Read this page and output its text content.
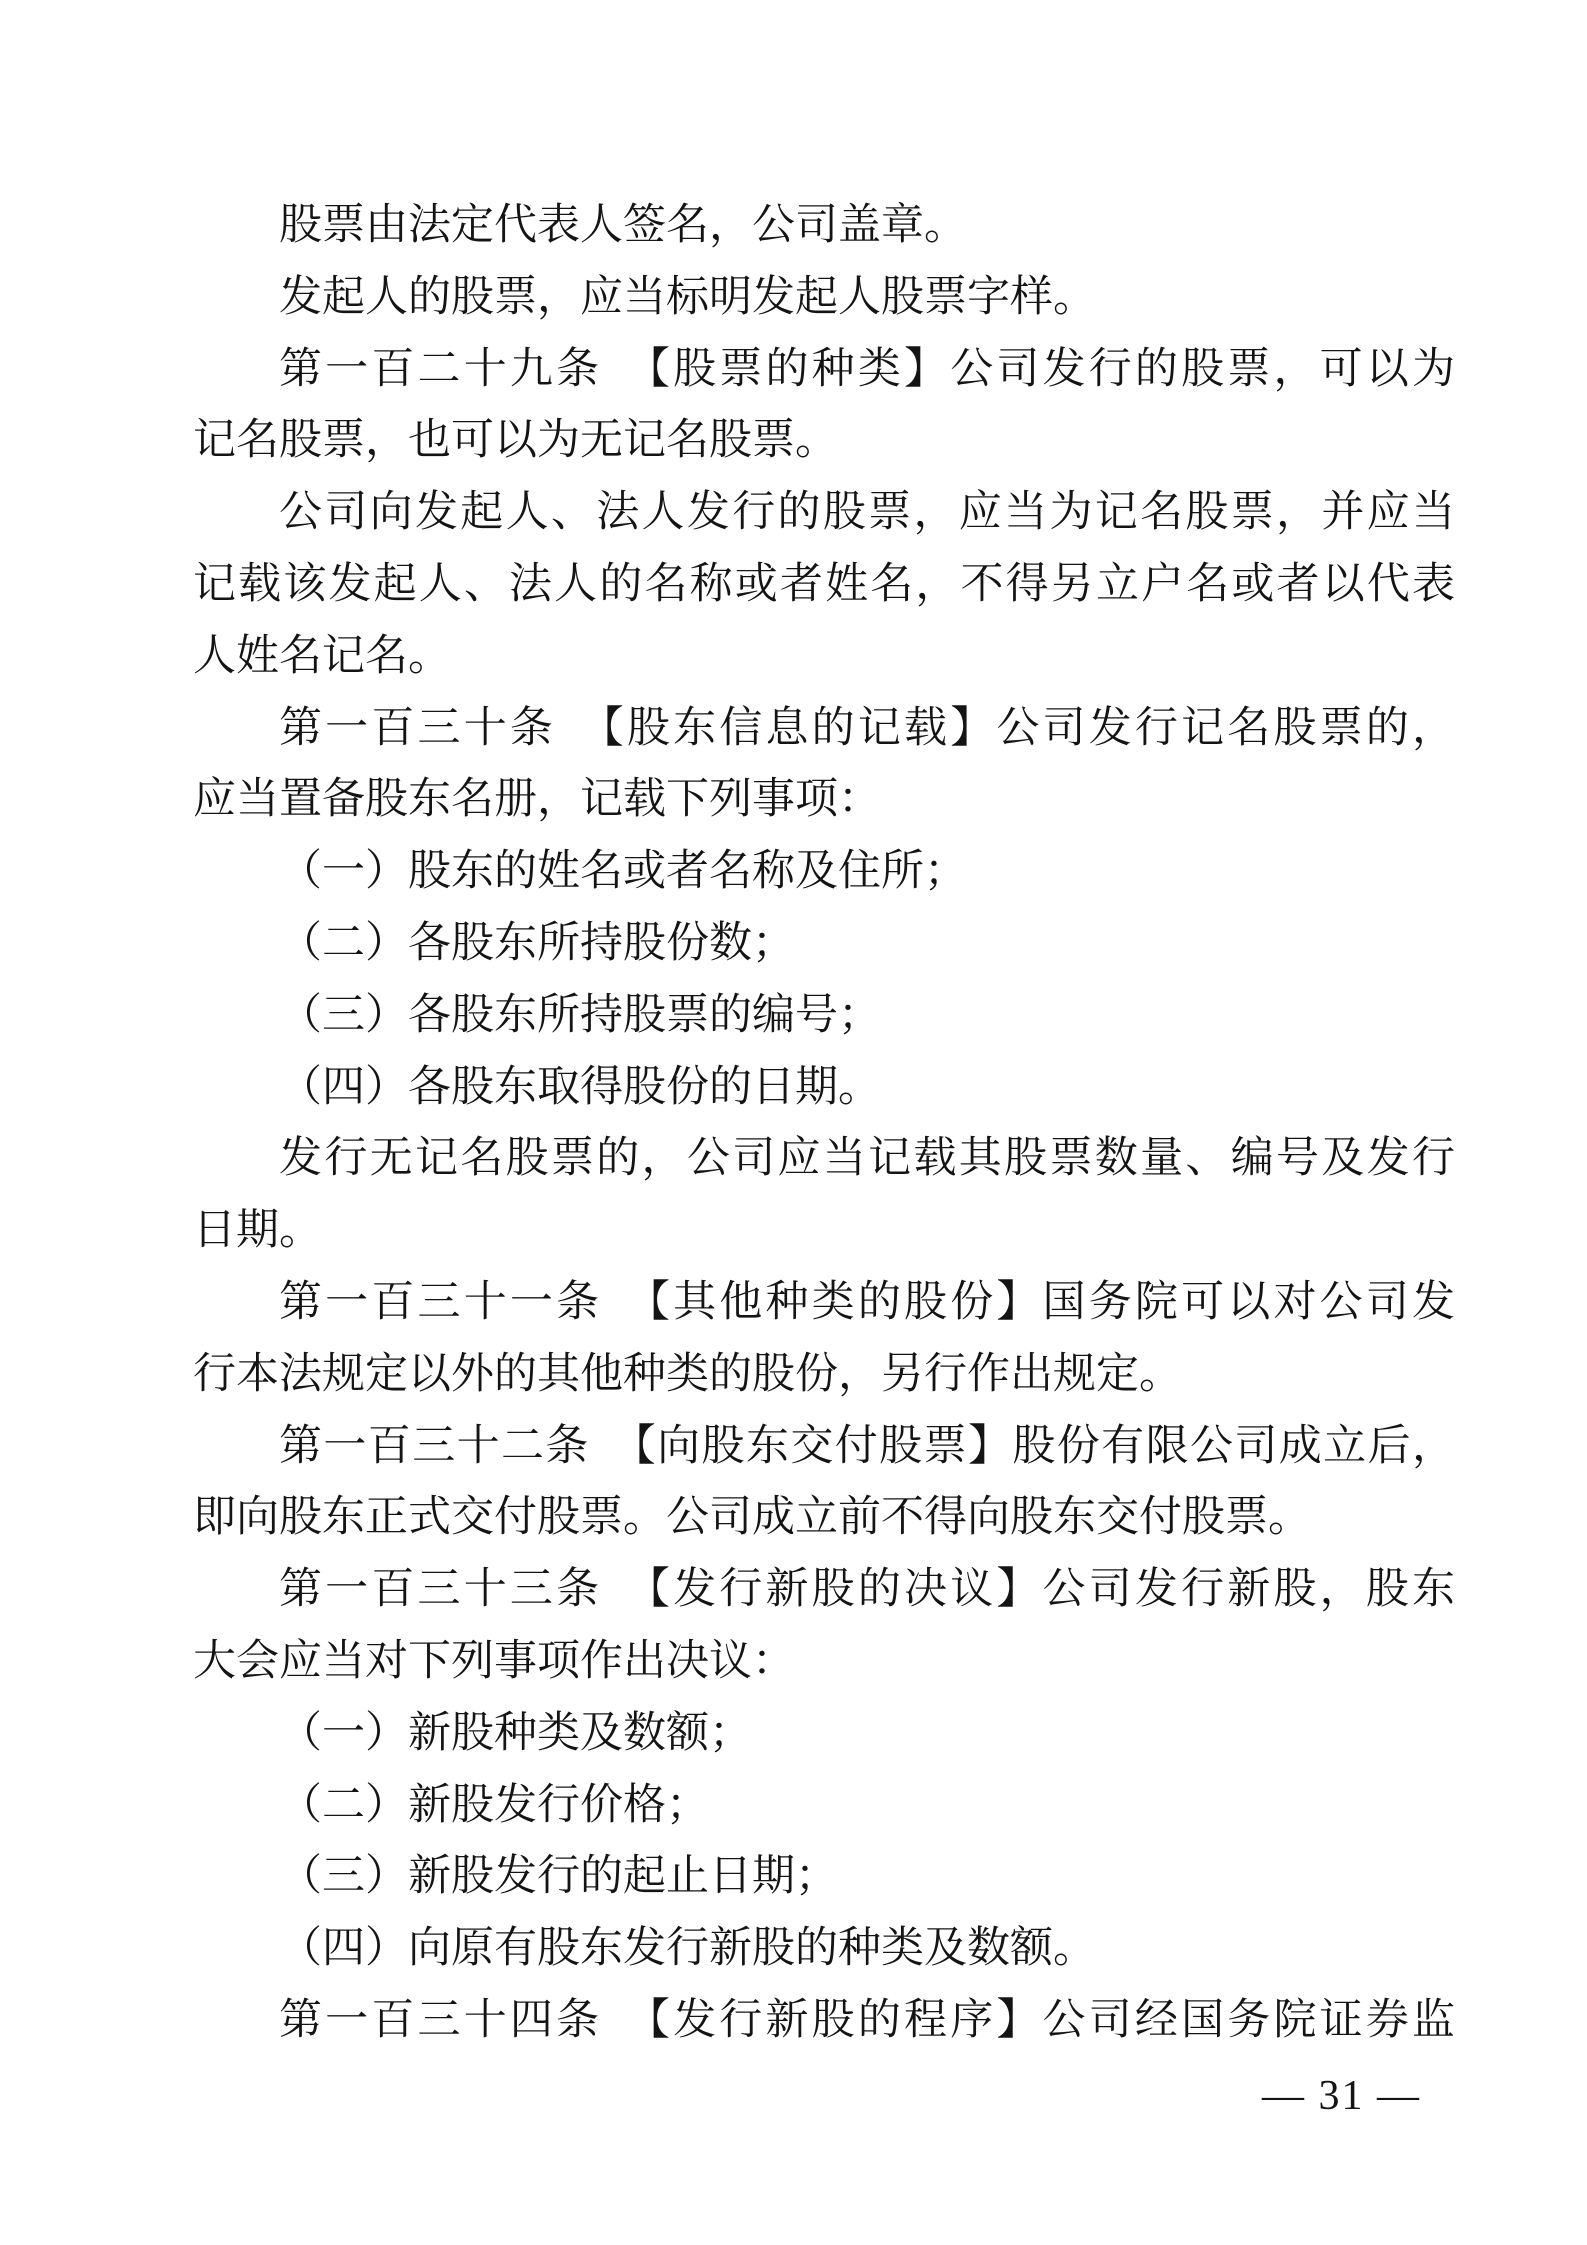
股票由法定代表人签名，公司盖章。
发起人的股票，应当标明发起人股票字样。
第一百二十九条　【股票的种类】公司发行的股票，可以为
记名股票，也可以为无记名股票。
公司向发起人、法人发行的股票，应当为记名股票，并应当
记载该发起人、法人的名称或者姓名，不得另立户名或者以代表
人姓名记名。
第一百三十条　【股东信息的记载】公司发行记名股票的，
应当置备股东名册，记载下列事项：
（一）股东的姓名或者名称及住所；
（二）各股东所持股份数；
（三）各股东所持股票的编号；
（四）各股东取得股份的日期。
发行无记名股票的，公司应当记载其股票数量、编号及发行
日期。
第一百三十一条　【其他种类的股份】国务院可以对公司发
行本法规定以外的其他种类的股份，另行作出规定。
第一百三十二条　【向股东交付股票】股份有限公司成立后，
即向股东正式交付股票。公司成立前不得向股东交付股票。
第一百三十三条　【发行新股的决议】公司发行新股，股东
大会应当对下列事项作出决议：
（一）新股种类及数额；
（二）新股发行价格；
（三）新股发行的起止日期；
（四）向原有股东发行新股的种类及数额。
第一百三十四条　【发行新股的程序】公司经国务院证券监
— 31 —
